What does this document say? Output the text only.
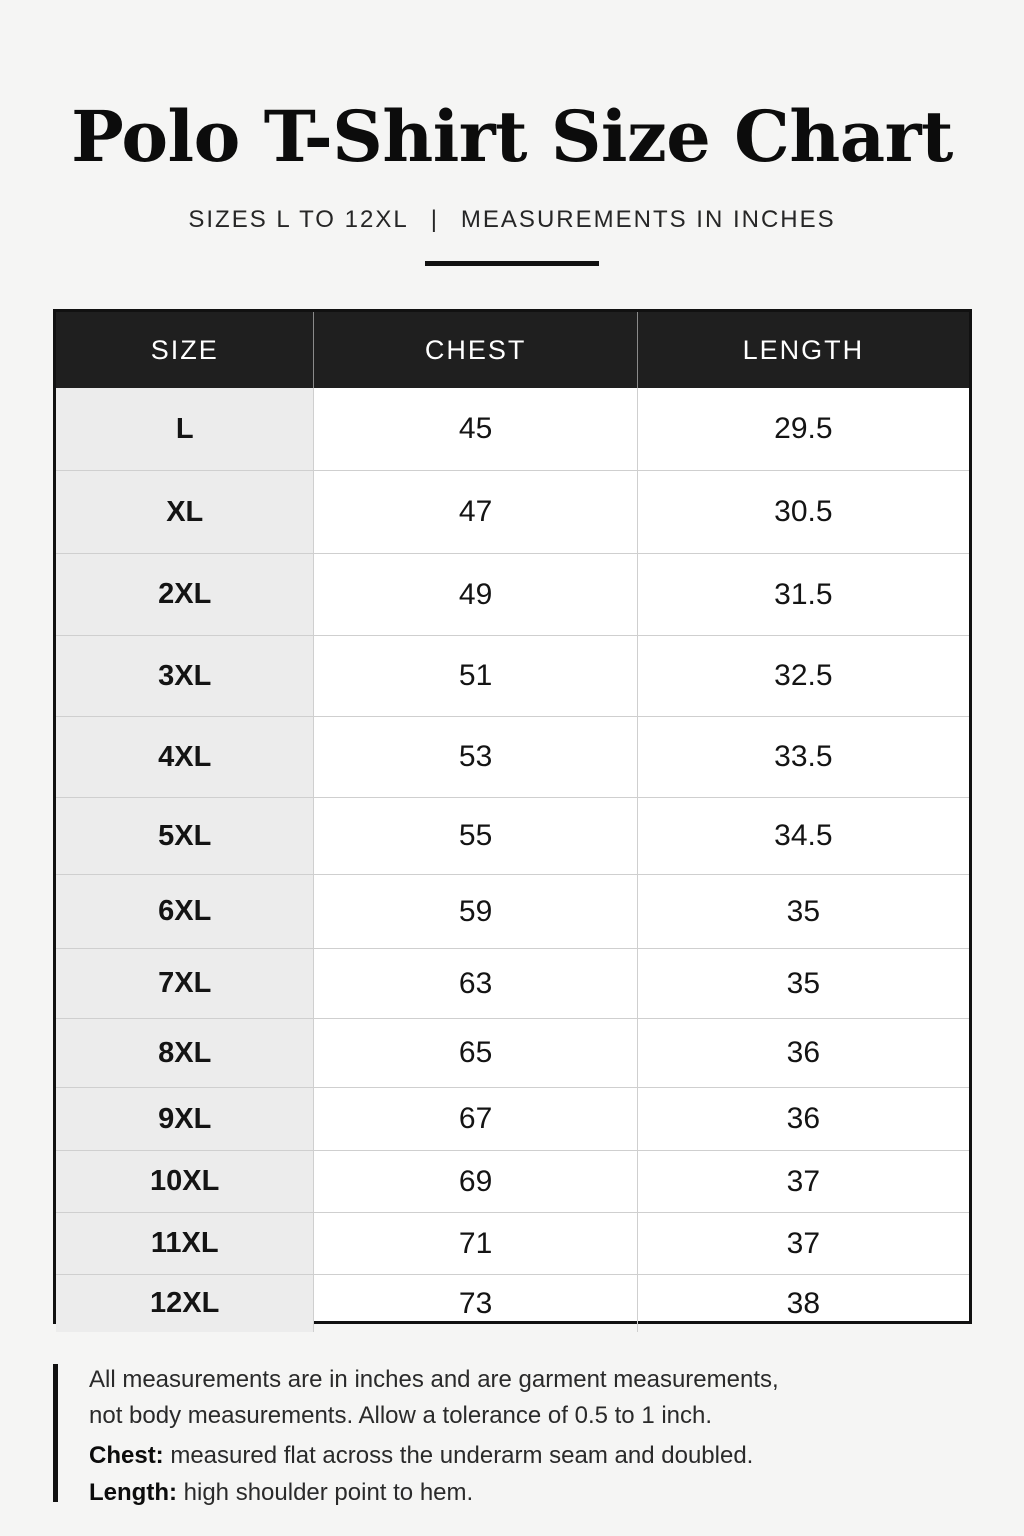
Polo T-Shirt Size Chart
SIZES L TO 12XL | MEASUREMENTS IN INCHES
SIZE	CHEST	LENGTH
L	45	29.5
XL	47	30.5
2XL	49	31.5
3XL	51	32.5
4XL	53	33.5
5XL	55	34.5
6XL	59	35
7XL	63	35
8XL	65	36
9XL	67	36
10XL	69	37
11XL	71	37
12XL	73	38
All measurements are in inches and are garment measurements,
not body measurements. Allow a tolerance of 0.5 to 1 inch.
Chest: measured flat across the underarm seam and doubled.
Length: high shoulder point to hem.
